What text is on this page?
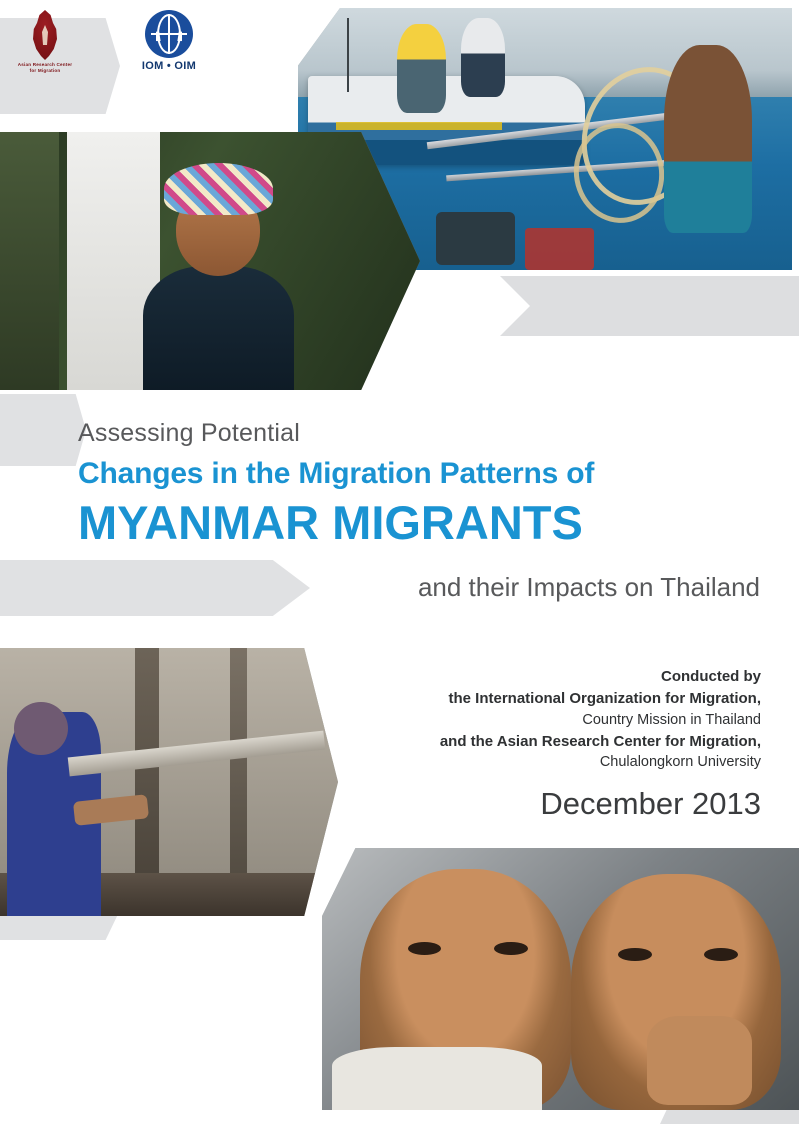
Asian Research Center for Migration	IOM • OIM
Assessing Potential
Changes in the Migration Patterns of
MYANMAR MIGRANTS
and their Impacts on Thailand
Conducted by
the International Organization for Migration,
Country Mission in Thailand
and the Asian Research Center for Migration,
Chulalongkorn University
December 2013
